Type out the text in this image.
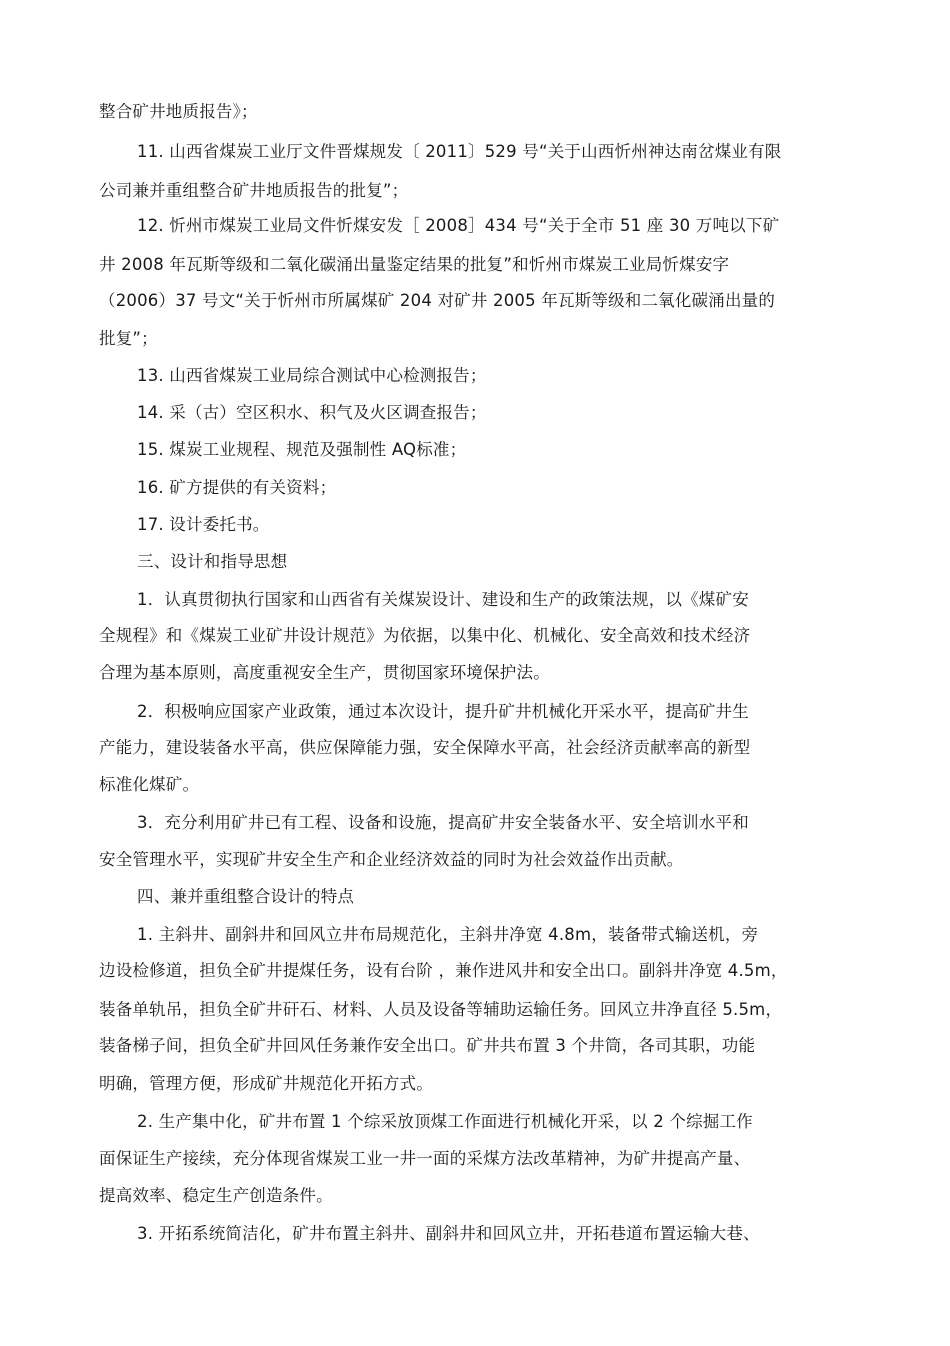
整合矿井地质报告》；
11. 山西省煤炭工业厅文件晋煤规发〔 2011〕529 号“关于山西忻州神达南岔煤业有限
公司兼并重组整合矿井地质报告的批复”；
12. 忻州市煤炭工业局文件忻煤安发［ 2008］434 号“关于全市 51 座 30 万吨以下矿
井 2008 年瓦斯等级和二氧化碳涌出量鉴定结果的批复”和忻州市煤炭工业局忻煤安字
（2006）37 号文“关于忻州市所属煤矿 204 对矿井 2005 年瓦斯等级和二氧化碳涌出量的
批复”；
13. 山西省煤炭工业局综合测试中心检测报告；
14. 采（古）空区积水、积气及火区调查报告；
15. 煤炭工业规程、规范及强制性 AQ标准；
16. 矿方提供的有关资料；
17. 设计委托书。
三、设计和指导思想
1．认真贯彻执行国家和山西省有关煤炭设计、建设和生产的政策法规，以《煤矿安
全规程》和《煤炭工业矿井设计规范》为依据，以集中化、机械化、安全高效和技术经济
合理为基本原则，高度重视安全生产，贯彻国家环境保护法。
2．积极响应国家产业政策，通过本次设计，提升矿井机械化开采水平，提高矿井生
产能力，建设装备水平高，供应保障能力强，安全保障水平高，社会经济贡献率高的新型
标准化煤矿。
3．充分利用矿井已有工程、设备和设施，提高矿井安全装备水平、安全培训水平和
安全管理水平，实现矿井安全生产和企业经济效益的同时为社会效益作出贡献。
四、兼并重组整合设计的特点
1. 主斜井、副斜井和回风立井布局规范化，主斜井净宽 4.8m，装备带式输送机，旁
边设检修道，担负全矿井提煤任务，设有台阶 ，兼作进风井和安全出口。副斜井净宽 4.5m，
装备单轨吊，担负全矿井矸石、材料、人员及设备等辅助运输任务。回风立井净直径 5.5m，
装备梯子间，担负全矿井回风任务兼作安全出口。矿井共布置 3 个井筒，各司其职，功能
明确，管理方便，形成矿井规范化开拓方式。
2. 生产集中化，矿井布置 1 个综采放顶煤工作面进行机械化开采，以 2 个综掘工作
面保证生产接续，充分体现省煤炭工业一井一面的采煤方法改革精神，为矿井提高产量、
提高效率、稳定生产创造条件。
3. 开拓系统简洁化，矿井布置主斜井、副斜井和回风立井，开拓巷道布置运输大巷、
